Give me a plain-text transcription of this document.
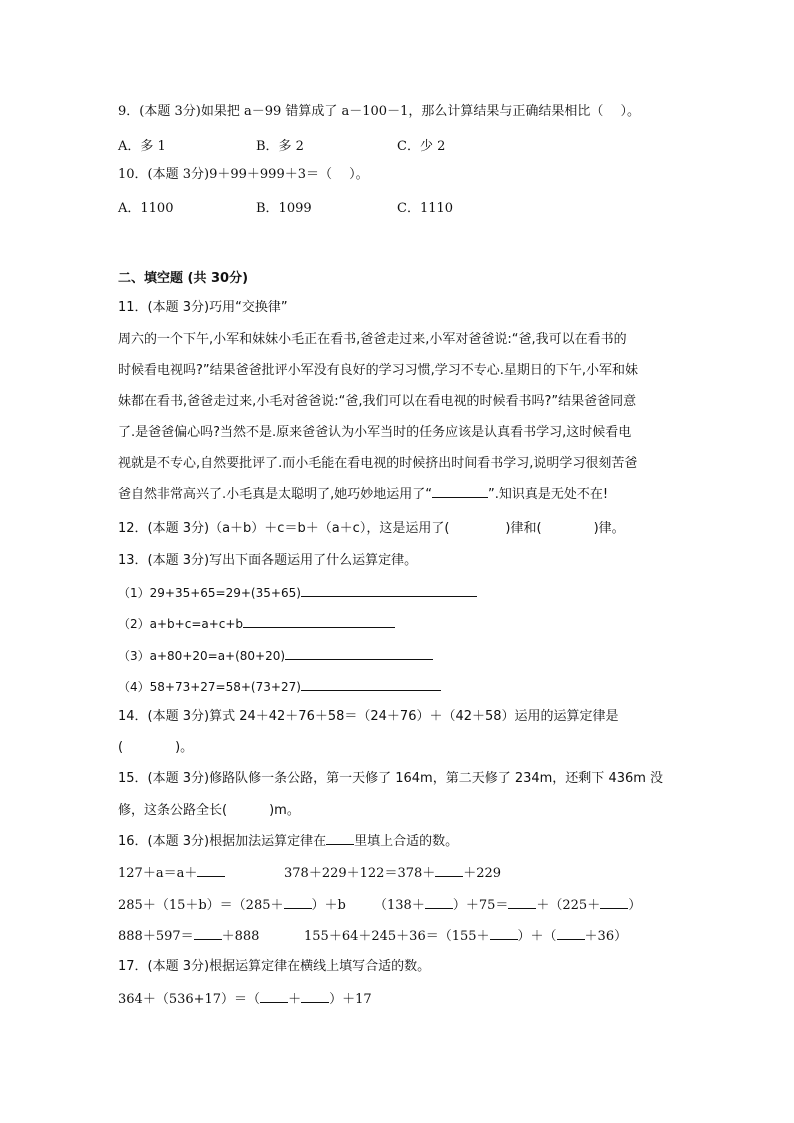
9．(本题 3分)如果把 a－99 错算成了 a－100－1，那么计算结果与正确结果相比（　 ）。
A．多 1	B．多 2	C．少 2
10．(本题 3分)9＋99＋999＋3＝（　 ）。
A．1100	B．1099	C．1110
二、填空题 (共 30分)
11．(本题 3分)巧用“交换律”
周六的一个下午,小军和妹妹小毛正在看书,爸爸走过来,小军对爸爸说:“爸,我可以在看书的
时候看电视吗?”结果爸爸批评小军没有良好的学习习惯,学习不专心.星期日的下午,小军和妹
妹都在看书,爸爸走过来,小毛对爸爸说:“爸,我们可以在看电视的时候看书吗?”结果爸爸同意
了.是爸爸偏心吗?当然不是.原来爸爸认为小军当时的任务应该是认真看书学习,这时候看电
视就是不专心,自然要批评了.而小毛能在看电视的时候挤出时间看书学习,说明学习很刻苦爸
爸自然非常高兴了.小毛真是太聪明了,她巧妙地运用了“	”.知识真是无处不在!
12．(本题 3分)（a＋b）＋c＝b＋（a＋c），这是运用了(	)律和(	)律。
13．(本题 3分)写出下面各题运用了什么运算定律。
（1）29+35+65=29+(35+65)
（2）a+b+c=a+c+b
（3）a+80+20=a+(80+20)
（4）58+73+27=58+(73+27)
14．(本题 3分)算式 24＋42＋76＋58＝（24＋76）＋（42＋58）运用的运算定律是
(	)。
15．(本题 3分)修路队修一条公路，第一天修了 164m，第二天修了 234m，还剩下 436m 没
修，这条公路全长(	)m。
16．(本题 3分)根据加法运算定律在 里填上合适的数。
127＋a＝a＋	378＋229＋122＝378＋ ＋229
285＋（15＋b）＝（285＋ ）＋b （138＋ ）＋75＝ ＋（225＋ ）
888＋597＝ ＋888	155＋64＋245＋36＝（155＋ ）＋（ ＋36）
17．(本题 3分)根据运算定律在横线上填写合适的数。
364＋（536+17）＝（ ＋ ）＋17
